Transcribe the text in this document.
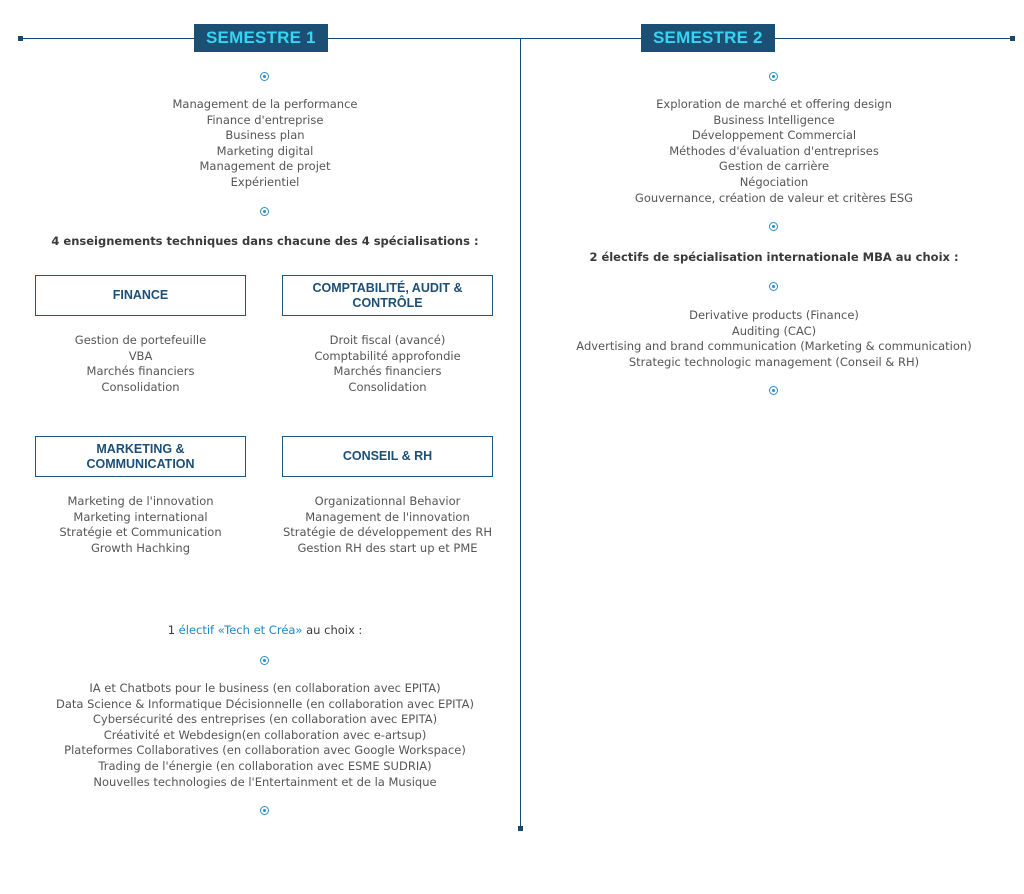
SEMESTRE 1	SEMESTRE 2
Management de la performance
Finance d'entreprise
Business plan
Marketing digital
Management de projet
Expérientiel
4 enseignements techniques dans chacune des 4 spécialisations :
FINANCE
COMPTABILITÉ, AUDIT &
CONTRÔLE
Gestion de portefeuille
VBA
Marchés financiers
Consolidation
Droit fiscal (avancé)
Comptabilité approfondie
Marchés financiers
Consolidation
MARKETING &
COMMUNICATION
CONSEIL & RH
Marketing de l'innovation
Marketing international
Stratégie et Communication
Growth Hachking
Organizationnal Behavior
Management de l'innovation
Stratégie de développement des RH
Gestion RH des start up et PME
1 électif «Tech et Créa» au choix :
IA et Chatbots pour le business (en collaboration avec EPITA)
Data Science & Informatique Décisionnelle (en collaboration avec EPITA)
Cybersécurité des entreprises (en collaboration avec EPITA)
Créativité et Webdesign(en collaboration avec e-artsup)
Plateformes Collaboratives (en collaboration avec Google Workspace)
Trading de l'énergie (en collaboration avec ESME SUDRIA)
Nouvelles technologies de l'Entertainment et de la Musique
Exploration de marché et offering design
Business Intelligence
Développement Commercial
Méthodes d'évaluation d'entreprises
Gestion de carrière
Négociation
Gouvernance, création de valeur et critères ESG
2 électifs de spécialisation internationale MBA au choix :
Derivative products (Finance)
Auditing (CAC)
Advertising and brand communication (Marketing & communication)
Strategic technologic management (Conseil & RH)
